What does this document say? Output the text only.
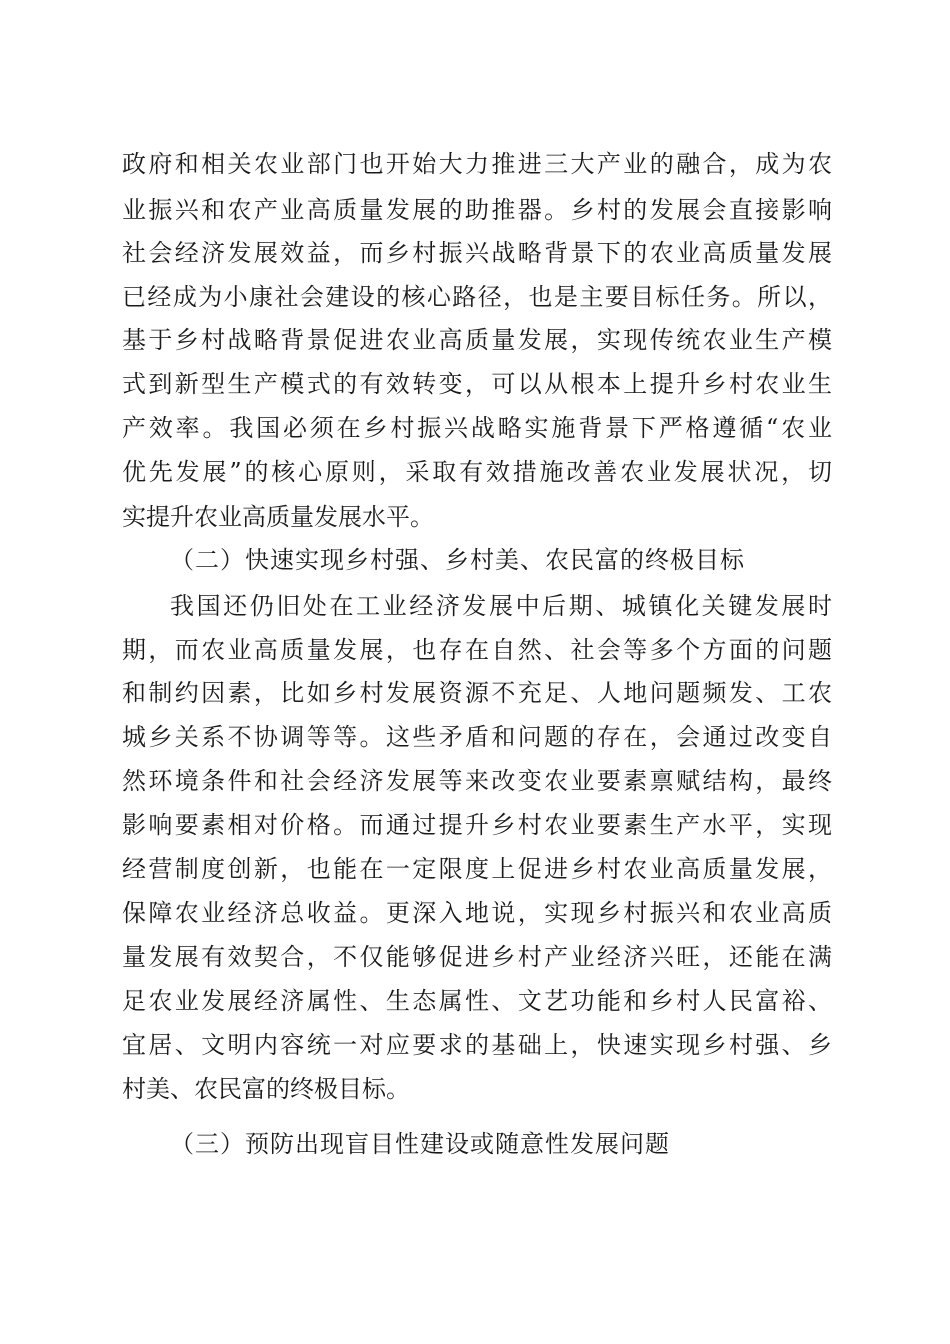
政府和相关农业部门也开始大力推进三大产业的融合，成为农
业振兴和农产业高质量发展的助推器。乡村的发展会直接影响
社会经济发展效益，而乡村振兴战略背景下的农业高质量发展
已经成为小康社会建设的核心路径，也是主要目标任务。所以，
基于乡村战略背景促进农业高质量发展，实现传统农业生产模
式到新型生产模式的有效转变，可以从根本上提升乡村农业生
产效率。我国必须在乡村振兴战略实施背景下严格遵循“农业
优先发展”的核心原则，采取有效措施改善农业发展状况，切
实提升农业高质量发展水平。
（二）快速实现乡村强、乡村美、农民富的终极目标
我国还仍旧处在工业经济发展中后期、城镇化关键发展时
期，而农业高质量发展，也存在自然、社会等多个方面的问题
和制约因素，比如乡村发展资源不充足、人地问题频发、工农
城乡关系不协调等等。这些矛盾和问题的存在，会通过改变自
然环境条件和社会经济发展等来改变农业要素禀赋结构，最终
影响要素相对价格。而通过提升乡村农业要素生产水平，实现
经营制度创新，也能在一定限度上促进乡村农业高质量发展，
保障农业经济总收益。更深入地说，实现乡村振兴和农业高质
量发展有效契合，不仅能够促进乡村产业经济兴旺，还能在满
足农业发展经济属性、生态属性、文艺功能和乡村人民富裕、
宜居、文明内容统一对应要求的基础上，快速实现乡村强、乡
村美、农民富的终极目标。
（三）预防出现盲目性建设或随意性发展问题
